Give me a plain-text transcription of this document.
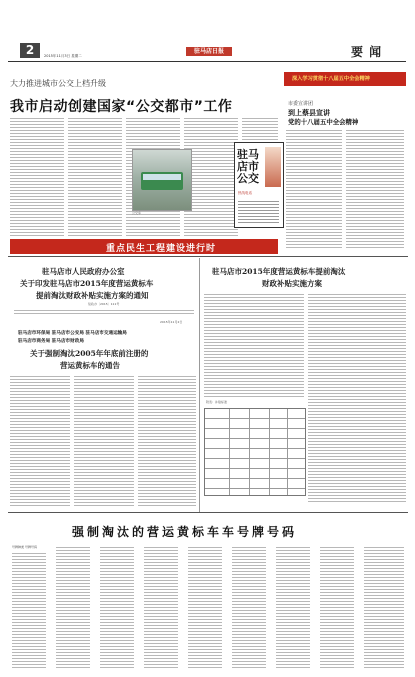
2	2015年11月3日 星期二
驻马店日报	要 闻
大力推进城市公交上档升级
我市启动创建国家“公交都市”工作
公交车
驻马店市公交
热线电话
重点民生工程建设进行时
深入学习贯彻十八届五中全会精神
市委宣讲团
到上蔡县宣讲
党的十八届五中全会精神
驻马店市人民政府办公室
关于印发驻马店市2015年度营运黄标车
提前淘汰财政补贴实施方案的通知
驻政办〔2015〕111号
2015年11月2日
驻马店市环保局 驻马店市公安局 驻马店市交通运输局
驻马店市商务局 驻马店市财政局
关于强制淘汰2005年年底前注册的
营运黄标车的通告
驻马店市2015年度营运黄标车提前淘汰
财政补贴实施方案
附表：补贴标准
强制淘汰的营运黄标车车号牌号码
号牌种类 号牌号码
